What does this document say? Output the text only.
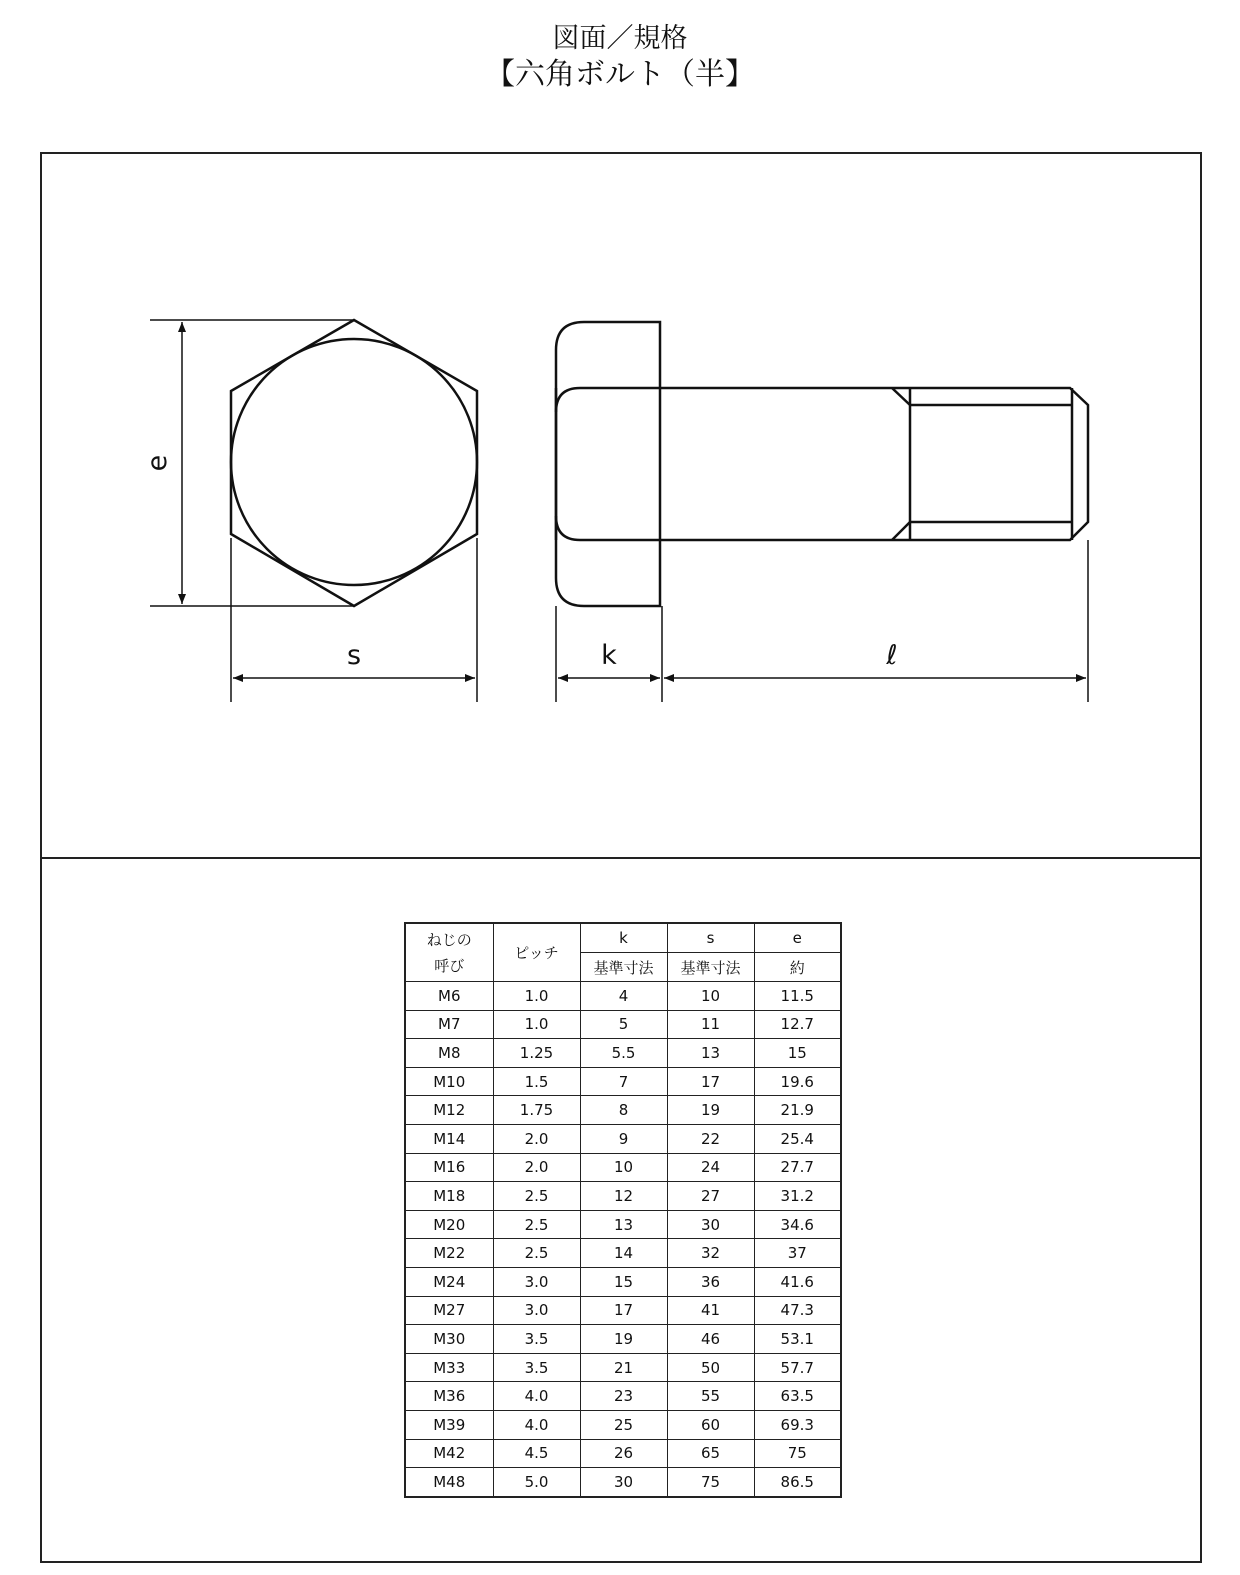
図面／規格
【六角ボルト（半】
e
s	k	ℓ
ねじの
呼び	ピッチ	k	s	e
		基準寸法	基準寸法	約
M6	1.0	4	10	11.5
M7	1.0	5	11	12.7
M8	1.25	5.5	13	15
M10	1.5	7	17	19.6
M12	1.75	8	19	21.9
M14	2.0	9	22	25.4
M16	2.0	10	24	27.7
M18	2.5	12	27	31.2
M20	2.5	13	30	34.6
M22	2.5	14	32	37
M24	3.0	15	36	41.6
M27	3.0	17	41	47.3
M30	3.5	19	46	53.1
M33	3.5	21	50	57.7
M36	4.0	23	55	63.5
M39	4.0	25	60	69.3
M42	4.5	26	65	75
M48	5.0	30	75	86.5
